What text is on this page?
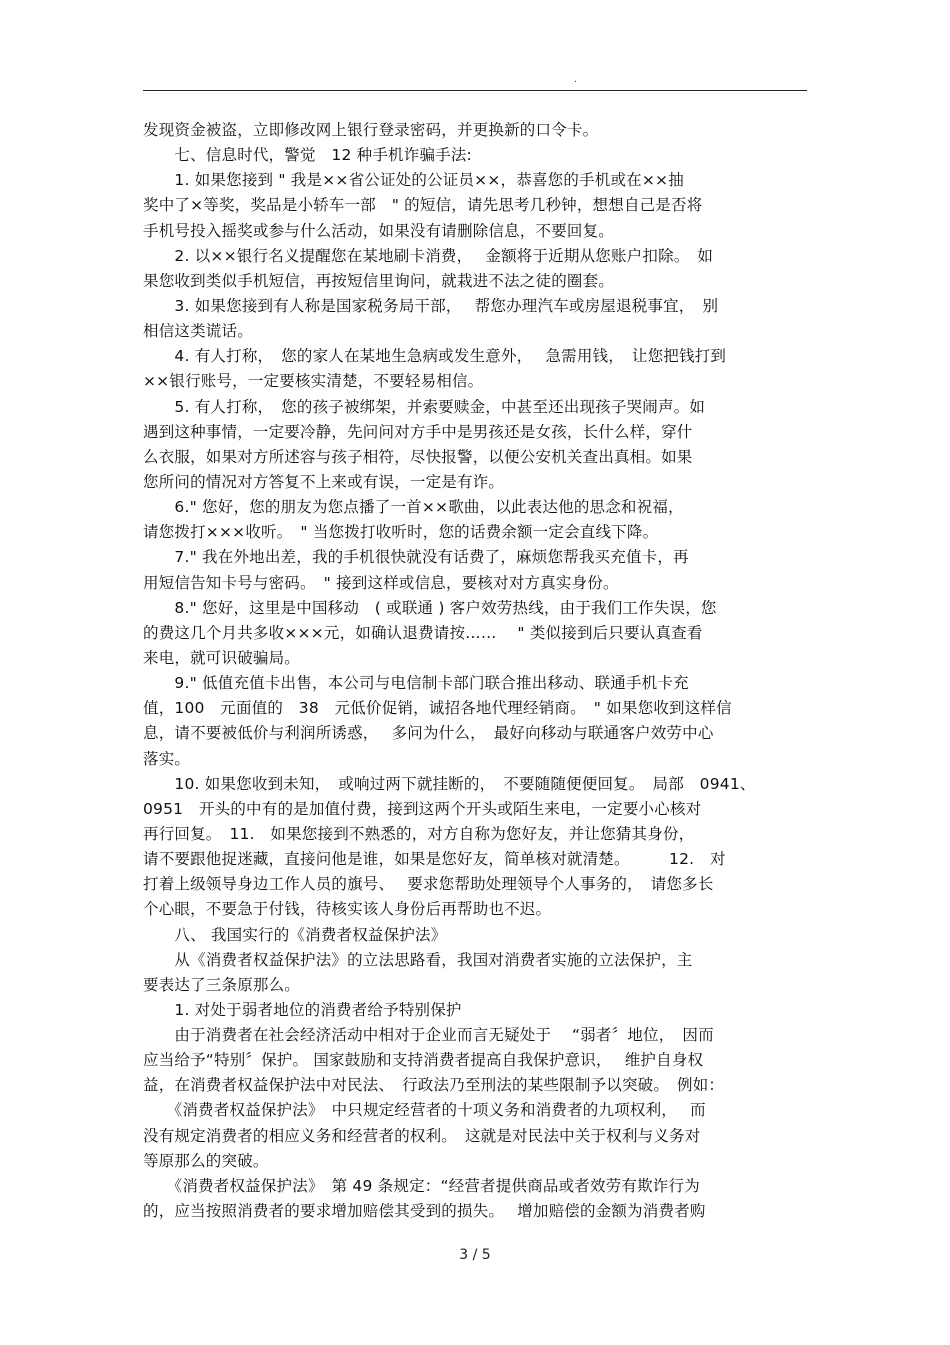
.
发现资金被盗，立即修改网上银行登录密码，并更换新的口令卡。
　　七、信息时代，警觉　12 种手机诈骗手法:
　　1. 如果您接到 " 我是××省公证处的公证员××，恭喜您的手机或在××抽
奖中了×等奖，奖品是小轿车一部　" 的短信，请先思考几秒钟，想想自己是否将
手机号投入摇奖或参与什么活动，如果没有请删除信息，不要回复。
　　2. 以××银行名义提醒您在某地刷卡消费，　 金额将于近期从您账户扣除。　如
果您收到类似手机短信，再按短信里询问，就栽进不法之徒的圈套。
　　3. 如果您接到有人称是国家税务局干部，　 帮您办理汽车或房屋退税事宜，　别
相信这类谎话。
　　4. 有人打称，　您的家人在某地生急病或发生意外，　 急需用钱，　让您把钱打到
××银行账号，一定要核实清楚，不要轻易相信。
　　5. 有人打称，　您的孩子被绑架，并索要赎金，中甚至还出现孩子哭闹声。如
遇到这种事情，一定要冷静，先问问对方手中是男孩还是女孩，长什么样，穿什
么衣服，如果对方所述容与孩子相符，尽快报警，以便公安机关查出真相。如果
您所问的情况对方答复不上来或有误，一定是有诈。
　　6." 您好，您的朋友为您点播了一首××歌曲，以此表达他的思念和祝福，
请您拨打×××收听。　" 当您拨打收听时，您的话费余额一定会直线下降。
　　7." 我在外地出差，我的手机很快就没有话费了，麻烦您帮我买充值卡，再
用短信告知卡号与密码。　" 接到这样或信息，要核对对方真实身份。
　　8." 您好，这里是中国移动　( 或联通 ) 客户效劳热线，由于我们工作失误，您
的费这几个月共多收×××元，如确认退费请按……　 " 类似接到后只要认真查看
来电，就可识破骗局。
　　9." 低值充值卡出售，本公司与电信制卡部门联合推出移动、联通手机卡充
值，100　元面值的　38　元低价促销，诚招各地代理经销商。　" 如果您收到这样信
息，请不要被低价与利润所诱惑，　 多问为什么，　最好向移动与联通客户效劳中心
落实。
　　10. 如果您收到未知，　或响过两下就挂断的，　不要随随便便回复。　局部　0941、
0951　开头的中有的是加值付费，接到这两个开头或陌生来电，一定要小心核对
再行回复。　11.　如果您接到不熟悉的，对方自称为您好友，并让您猜其身份，
请不要跟他捉迷藏，直接问他是谁，如果是您好友，简单核对就清楚。　　　12.　对
打着上级领导身边工作人员的旗号、　 要求您帮助处理领导个人事务的，　请您多长
个心眼，不要急于付钱，待核实该人身份后再帮助也不迟。
　　八、 我国实行的《消费者权益保护法》
　　从《消费者权益保护法》的立法思路看，我国对消费者实施的立法保护，主
要表达了三条原那么。
　　1. 对处于弱者地位的消费者给予特别保护
　　由于消费者在社会经济活动中相对于企业而言无疑处于　 “弱者〞地位，　因而
应当给予“特别〞保护。 国家鼓励和支持消费者提高自我保护意识，　 维护自身权
益，在消费者权益保护法中对民法、　行政法乃至刑法的某些限制予以突破。　例如：
　　《消费者权益保护法》　中只规定经营者的十项义务和消费者的九项权利，　 而
没有规定消费者的相应义务和经营者的权利。　这就是对民法中关于权利与义务对
等原那么的突破。
　　《消费者权益保护法》　第 49 条规定：“经营者提供商品或者效劳有欺诈行为
的，应当按照消费者的要求增加赔偿其受到的损失。　 增加赔偿的金额为消费者购
3 / 5
